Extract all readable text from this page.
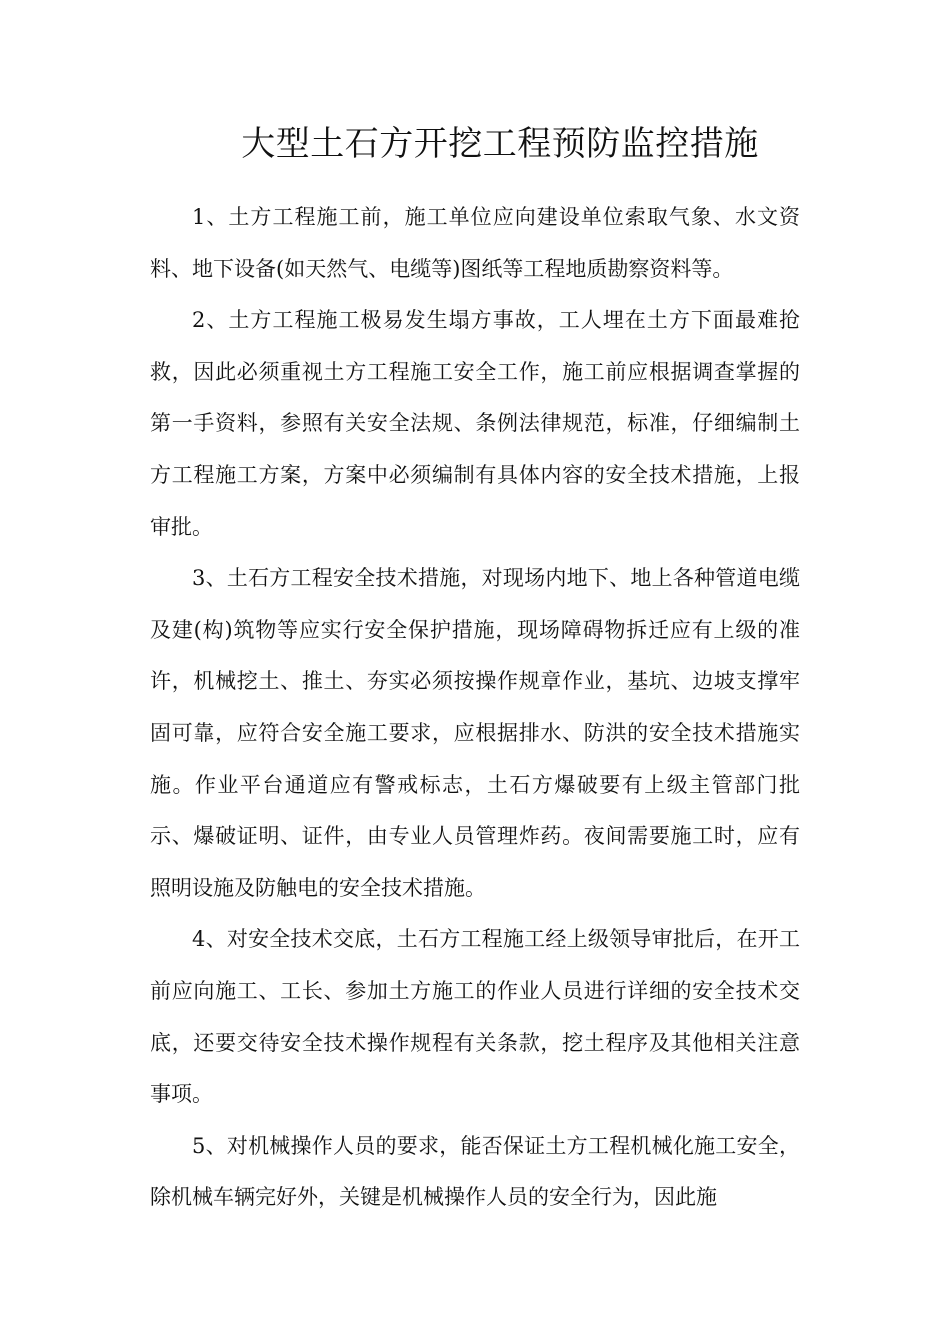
大型土石方开挖工程预防监控措施

1、土方工程施工前，施工单位应向建设单位索取气象、水文资料、地下设备(如天然气、电缆等)图纸等工程地质勘察资料等。

2、土方工程施工极易发生塌方事故，工人埋在土方下面最难抢救，因此必须重视土方工程施工安全工作，施工前应根据调查掌握的第一手资料，参照有关安全法规、条例法律规范，标准，仔细编制土方工程施工方案，方案中必须编制有具体内容的安全技术措施，上报审批。

3、土石方工程安全技术措施，对现场内地下、地上各种管道电缆及建(构)筑物等应实行安全保护措施，现场障碍物拆迁应有上级的准许，机械挖土、推土、夯实必须按操作规章作业，基坑、边坡支撑牢固可靠，应符合安全施工要求，应根据排水、防洪的安全技术措施实施。作业平台通道应有警戒标志，土石方爆破要有上级主管部门批示、爆破证明、证件，由专业人员管理炸药。夜间需要施工时，应有照明设施及防触电的安全技术措施。

4、对安全技术交底，土石方工程施工经上级领导审批后，在开工前应向施工、工长、参加土方施工的作业人员进行详细的安全技术交底，还要交待安全技术操作规程有关条款，挖土程序及其他相关注意事项。

5、对机械操作人员的要求，能否保证土方工程机械化施工安全，除机械车辆完好外，关键是机械操作人员的安全行为，因此施
